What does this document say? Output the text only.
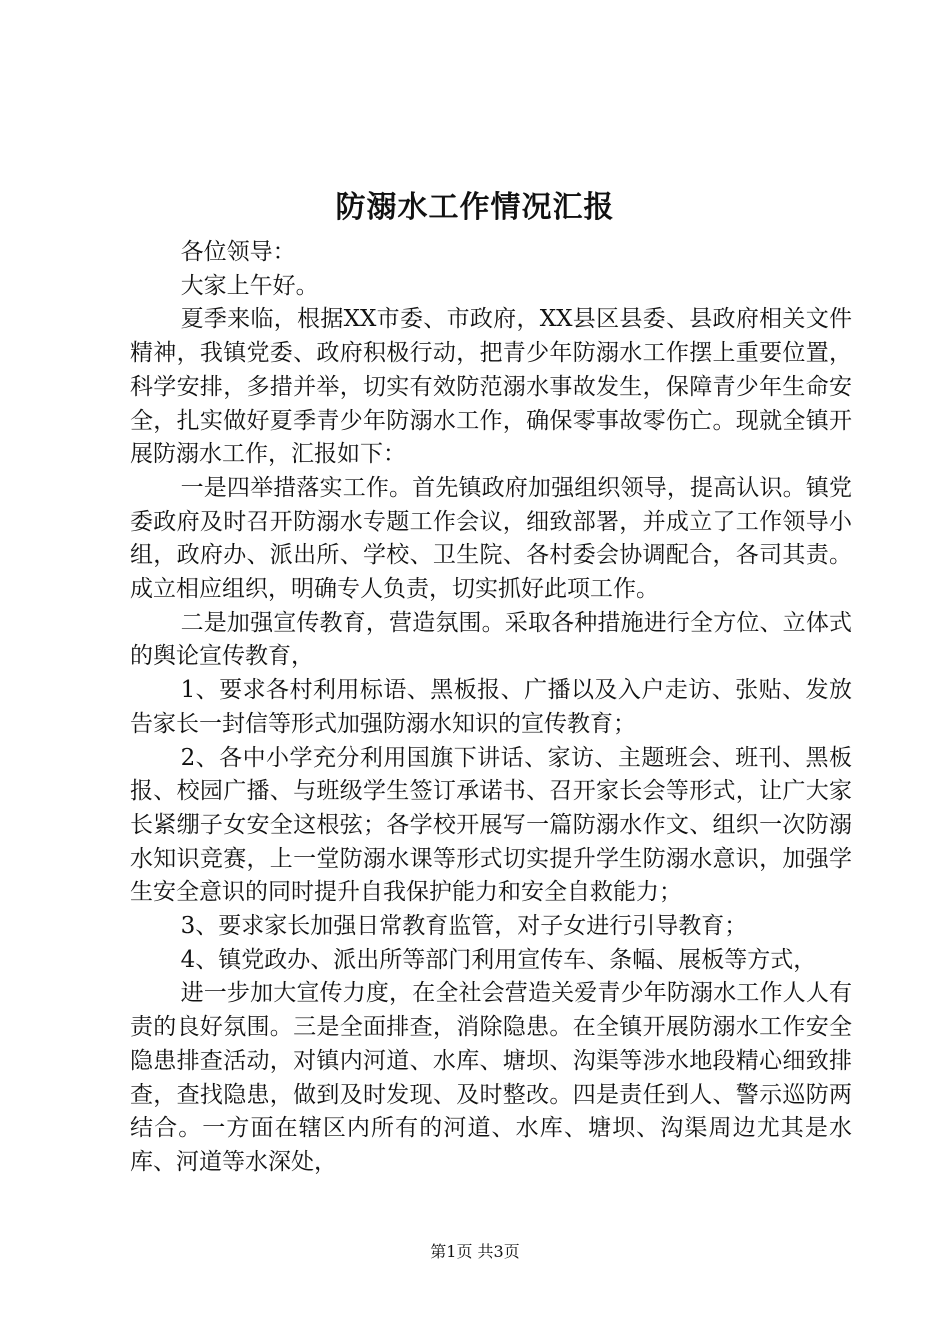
防溺水工作情况汇报

各位领导：

大家上午好。

夏季来临，根据XX市委、市政府，XX县区县委、县政府相关文件精神，我镇党委、政府积极行动，把青少年防溺水工作摆上重要位置，科学安排，多措并举，切实有效防范溺水事故发生，保障青少年生命安全，扎实做好夏季青少年防溺水工作，确保零事故零伤亡。现就全镇开展防溺水工作，汇报如下：

一是四举措落实工作。首先镇政府加强组织领导，提高认识。镇党委政府及时召开防溺水专题工作会议，细致部署，并成立了工作领导小组，政府办、派出所、学校、卫生院、各村委会协调配合，各司其责。成立相应组织，明确专人负责，切实抓好此项工作。

二是加强宣传教育，营造氛围。采取各种措施进行全方位、立体式的舆论宣传教育，

1、要求各村利用标语、黑板报、广播以及入户走访、张贴、发放告家长一封信等形式加强防溺水知识的宣传教育；

2、各中小学充分利用国旗下讲话、家访、主题班会、班刊、黑板报、校园广播、与班级学生签订承诺书、召开家长会等形式，让广大家长紧绷子女安全这根弦；各学校开展写一篇防溺水作文、组织一次防溺水知识竞赛，上一堂防溺水课等形式切实提升学生防溺水意识，加强学生安全意识的同时提升自我保护能力和安全自救能力；

3、要求家长加强日常教育监管，对子女进行引导教育；

4、镇党政办、派出所等部门利用宣传车、条幅、展板等方式，

进一步加大宣传力度，在全社会营造关爱青少年防溺水工作人人有责的良好氛围。三是全面排查，消除隐患。在全镇开展防溺水工作安全隐患排查活动，对镇内河道、水库、塘坝、沟渠等涉水地段精心细致排查，查找隐患，做到及时发现、及时整改。四是责任到人、警示巡防两结合。一方面在辖区内所有的河道、水库、塘坝、沟渠周边尤其是水库、河道等水深处，

第1页 共3页
